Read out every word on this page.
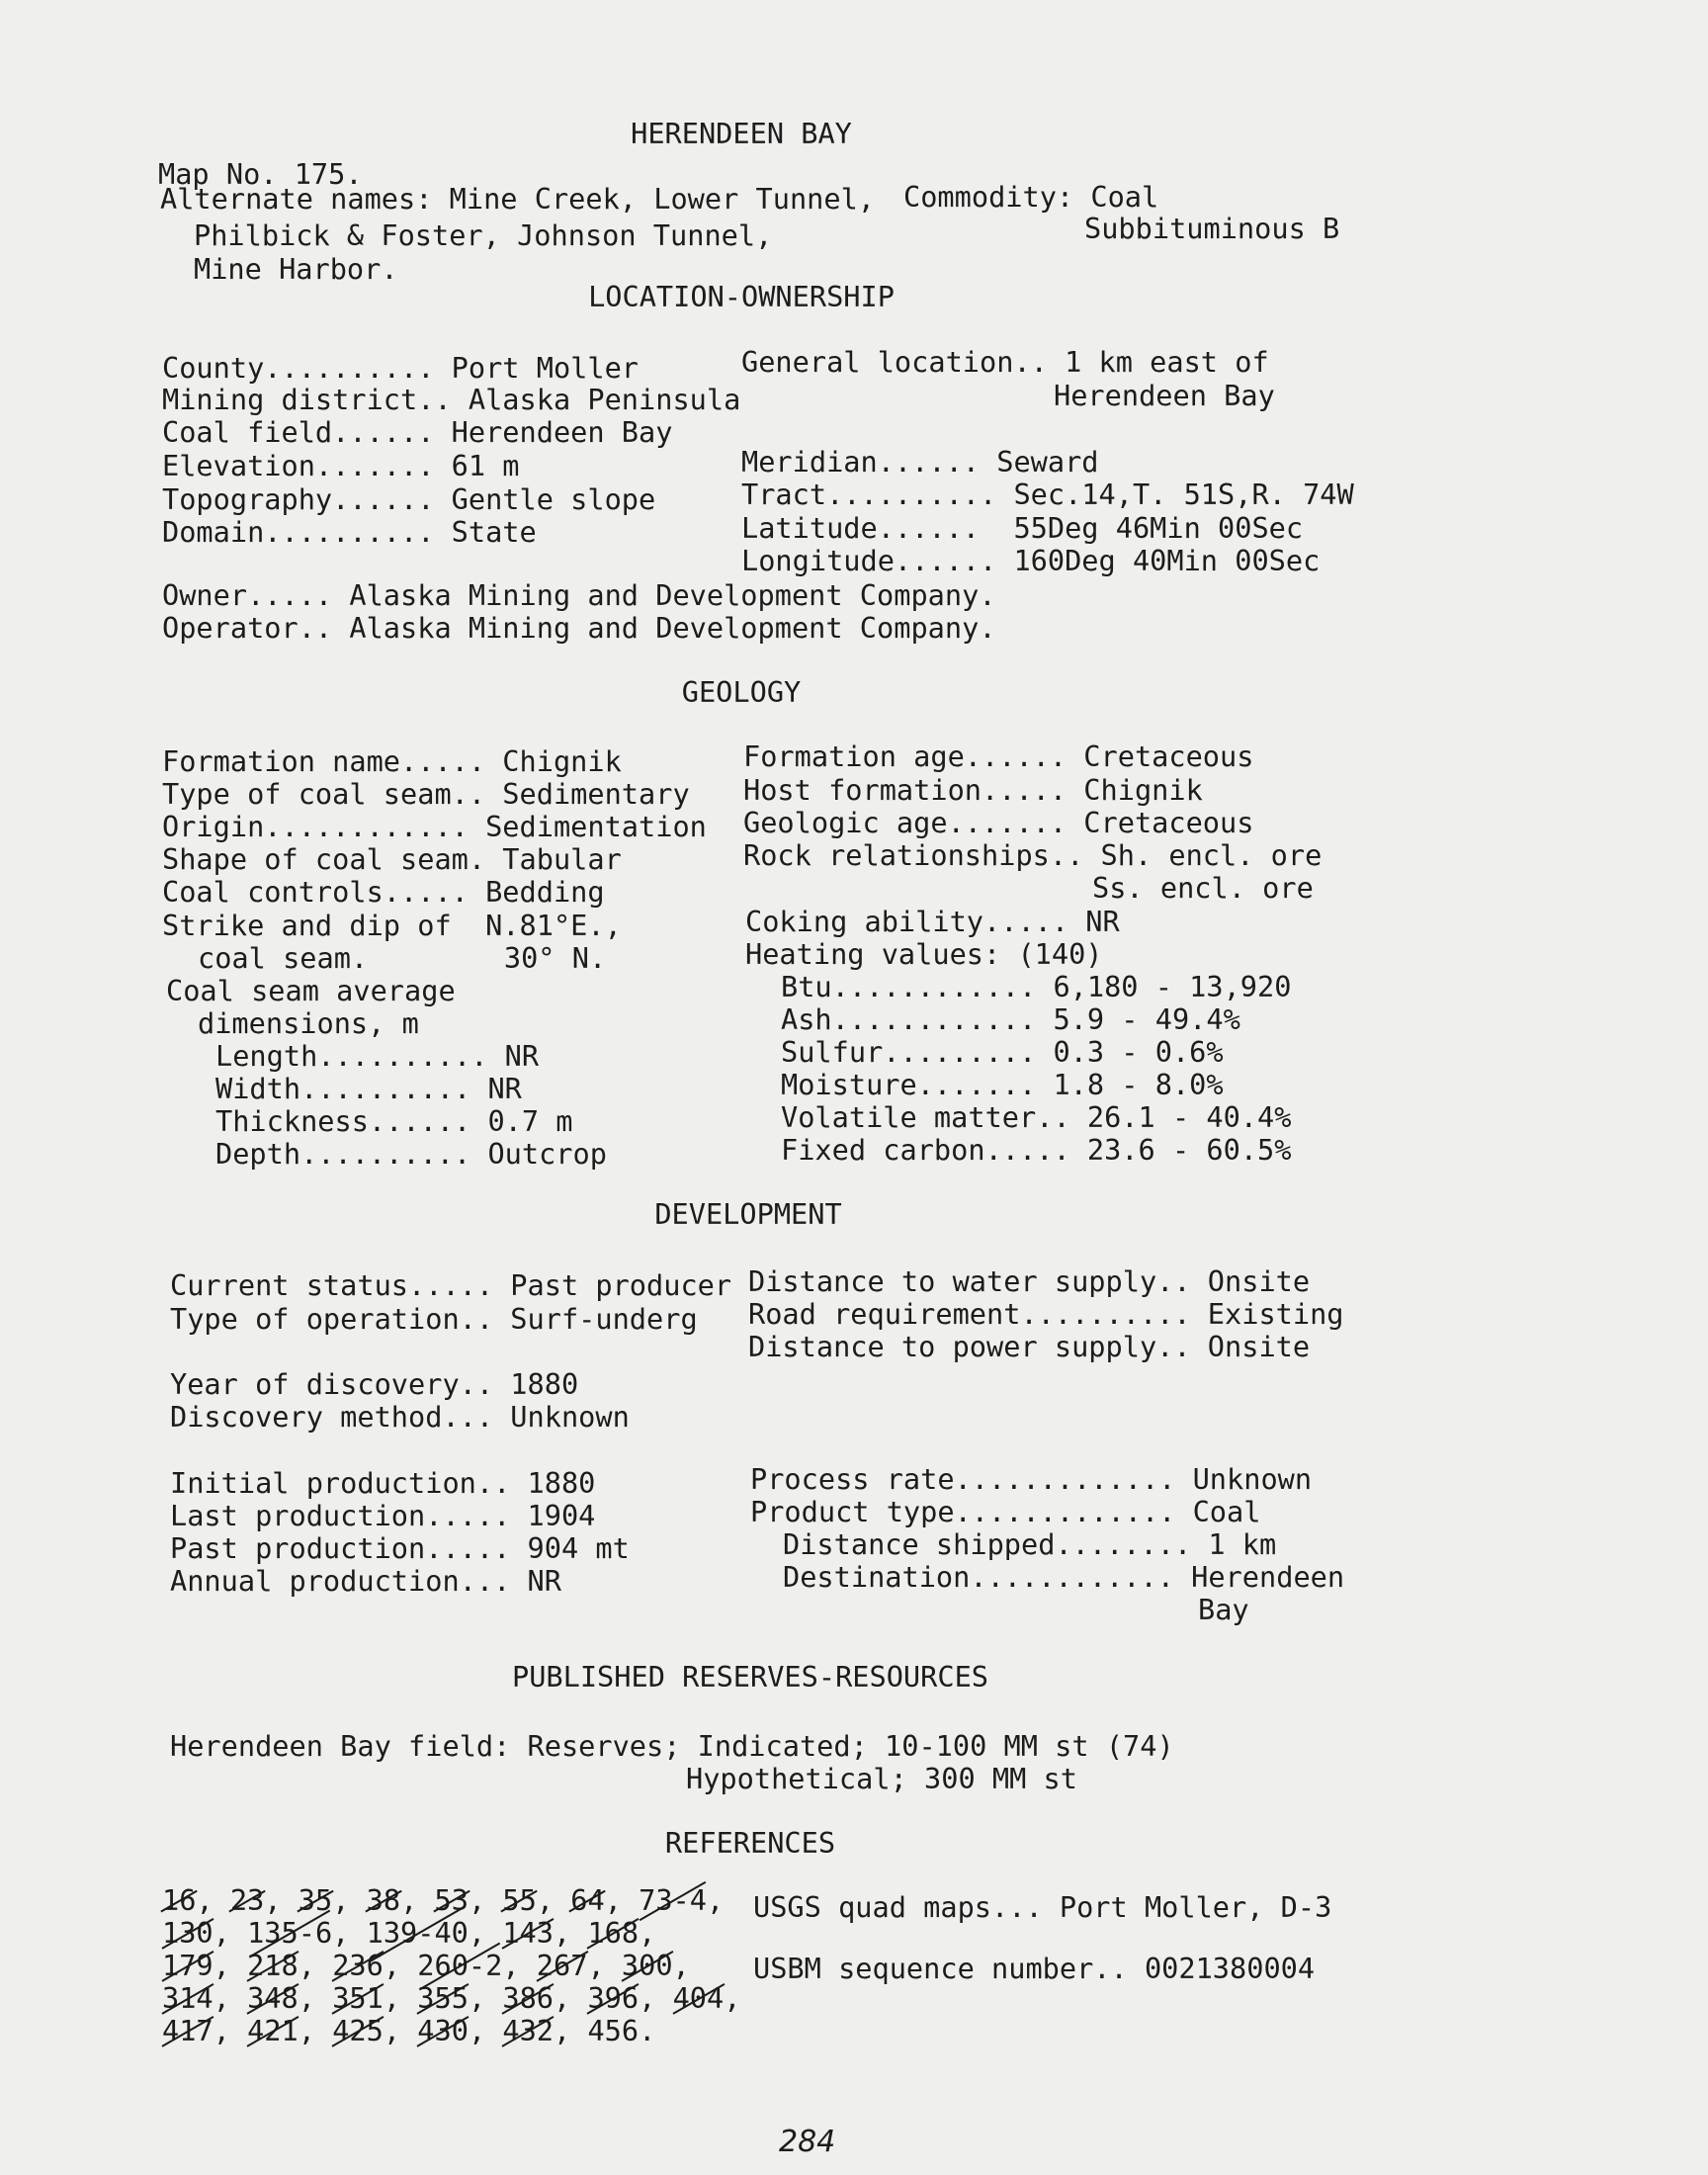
HERENDEEN BAY
Map No. 175.
Alternate names: Mine Creek, Lower Tunnel,
Philbick & Foster, Johnson Tunnel,
Mine Harbor.
Commodity: Coal
Subbituminous B
LOCATION-OWNERSHIP
County.......... Port Moller
Mining district.. Alaska Peninsula
Coal field...... Herendeen Bay
Elevation....... 61 m
Topography...... Gentle slope
Domain.......... State
General location.. 1 km east of
Herendeen Bay
Meridian...... Seward
Tract.......... Sec.14,T. 51S,R. 74W
Latitude......  55Deg 46Min 00Sec
Longitude...... 160Deg 40Min 00Sec
Owner..... Alaska Mining and Development Company.
Operator.. Alaska Mining and Development Company.
GEOLOGY
Formation name..... Chignik
Type of coal seam.. Sedimentary
Origin............ Sedimentation
Shape of coal seam. Tabular
Coal controls..... Bedding
Strike and dip of  N.81°E.,
coal seam.        30° N.
Coal seam average
dimensions, m
Length.......... NR
Width.......... NR
Thickness...... 0.7 m
Depth.......... Outcrop
Formation age...... Cretaceous
Host formation..... Chignik
Geologic age....... Cretaceous
Rock relationships.. Sh. encl. ore
Ss. encl. ore
Coking ability..... NR
Heating values: (140)
Btu............ 6,180 - 13,920
Ash............ 5.9 - 49.4%
Sulfur......... 0.3 - 0.6%
Moisture....... 1.8 - 8.0%
Volatile matter.. 26.1 - 40.4%
Fixed carbon..... 23.6 - 60.5%
DEVELOPMENT
Current status..... Past producer
Type of operation.. Surf-underg
Year of discovery.. 1880
Discovery method... Unknown
Initial production.. 1880
Last production..... 1904
Past production..... 904 mt
Annual production... NR
Distance to water supply.. Onsite
Road requirement.......... Existing
Distance to power supply.. Onsite
Process rate............. Unknown
Product type............. Coal
Distance shipped........ 1 km
Destination............ Herendeen
Bay
PUBLISHED RESERVES-RESOURCES
Herendeen Bay field: Reserves; Indicated; 10-100 MM st (74)
Hypothetical; 300 MM st
REFERENCES
16, 23, 35, 38, 53, 55, 64, 73-4,
130, 135-6, 139-40, 143, 168,
179, 218, 236, 260-2, 267, 300,
314, 348, 351, 355, 386, 396, 404,
417, 421, 425, 430, 432, 456.
USGS quad maps... Port Moller, D-3
USBM sequence number.. 0021380004
284
